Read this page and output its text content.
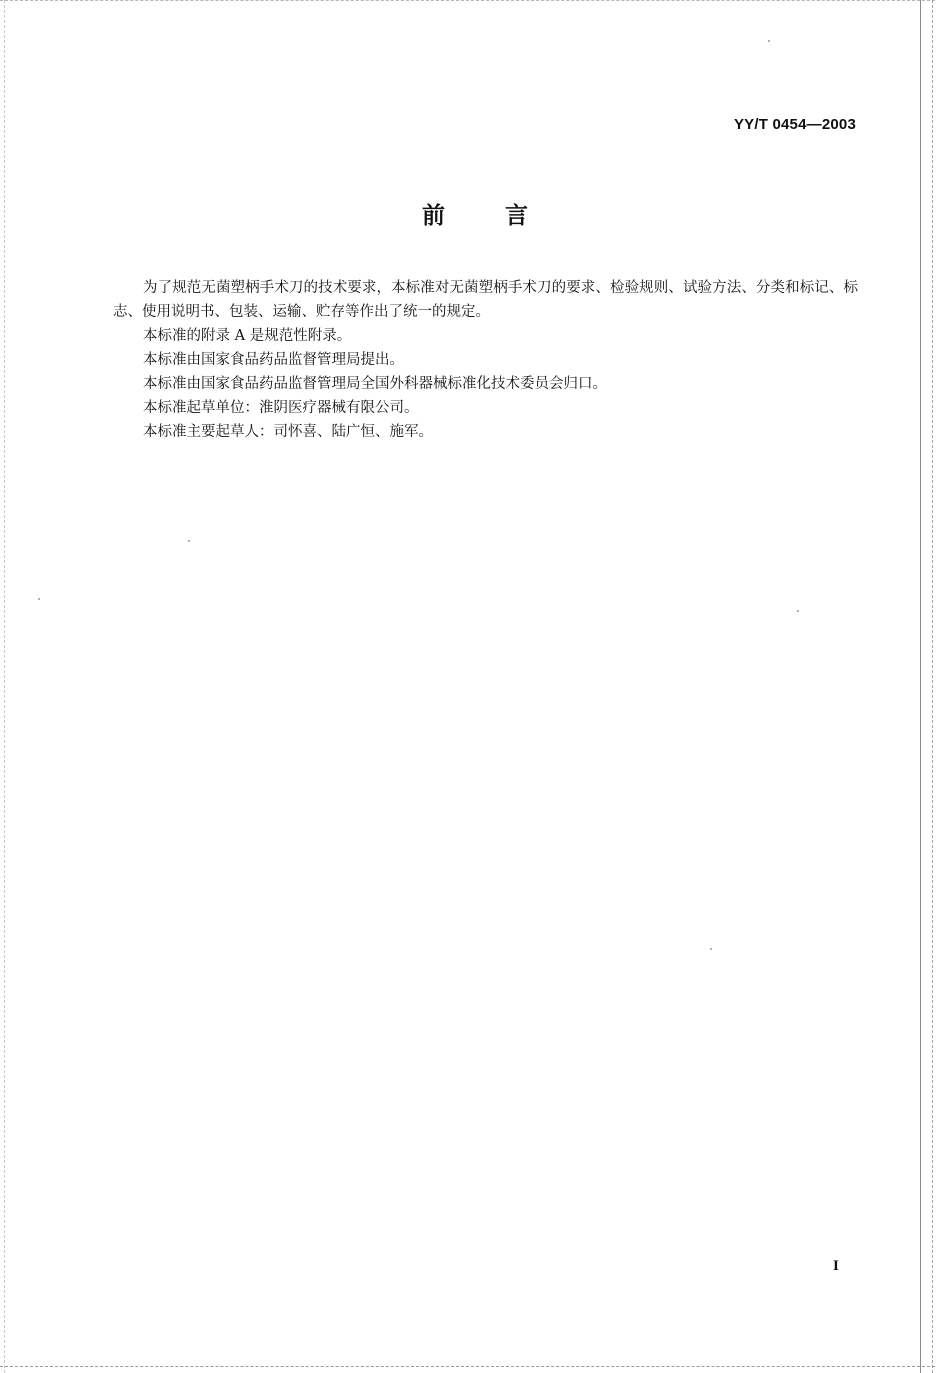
YY/T 0454—2003
前言

为了规范无菌塑柄手术刀的技术要求，本标准对无菌塑柄手术刀的要求、检验规则、试验方法、分类和标记、标志、使用说明书、包装、运输、贮存等作出了统一的规定。

本标准的附录 A 是规范性附录。

本标准由国家食品药品监督管理局提出。

本标准由国家食品药品监督管理局全国外科器械标准化技术委员会归口。

本标准起草单位：淮阴医疗器械有限公司。

本标准主要起草人：司怀喜、陆广恒、施军。

I
